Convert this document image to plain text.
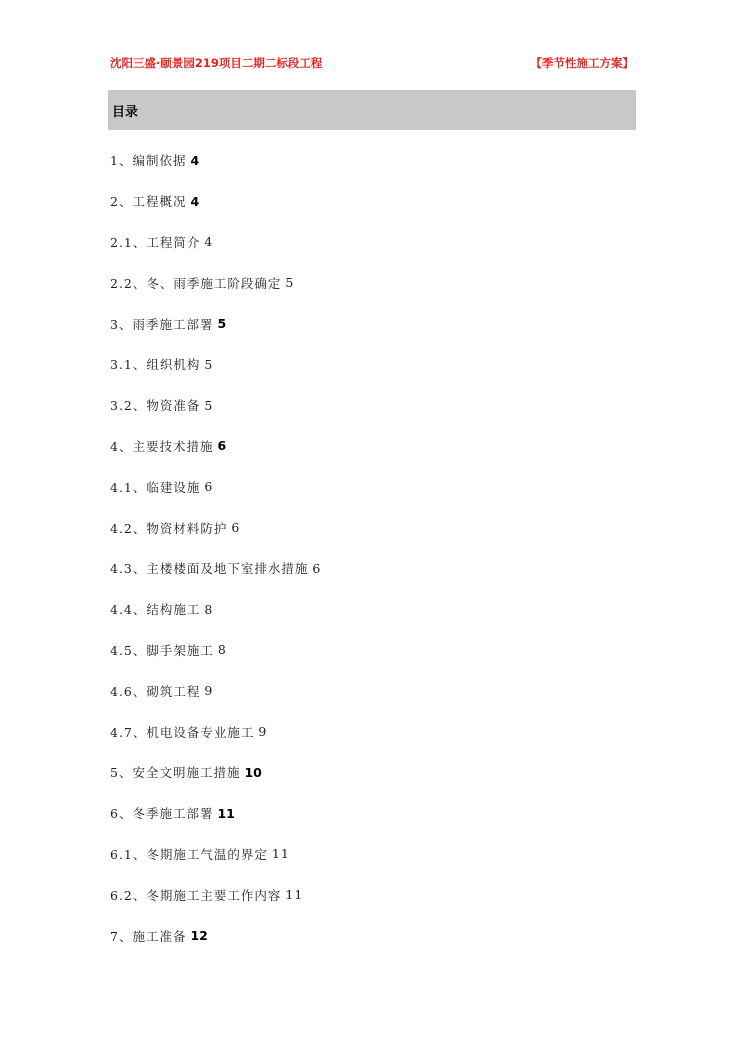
沈阳三盛·颐景园219项目二期二标段工程	【季节性施工方案】
目录
1、编制依据 4
2、工程概况 4
2.1、工程简介 4
2.2、冬、雨季施工阶段确定 5
3、雨季施工部署 5
3.1、组织机构 5
3.2、物资准备 5
4、主要技术措施 6
4.1、临建设施 6
4.2、物资材料防护 6
4.3、主楼楼面及地下室排水措施 6
4.4、结构施工 8
4.5、脚手架施工 8
4.6、砌筑工程 9
4.7、机电设备专业施工 9
5、安全文明施工措施 10
6、冬季施工部署 11
6.1、冬期施工气温的界定 11
6.2、冬期施工主要工作内容 11
7、施工准备 12
